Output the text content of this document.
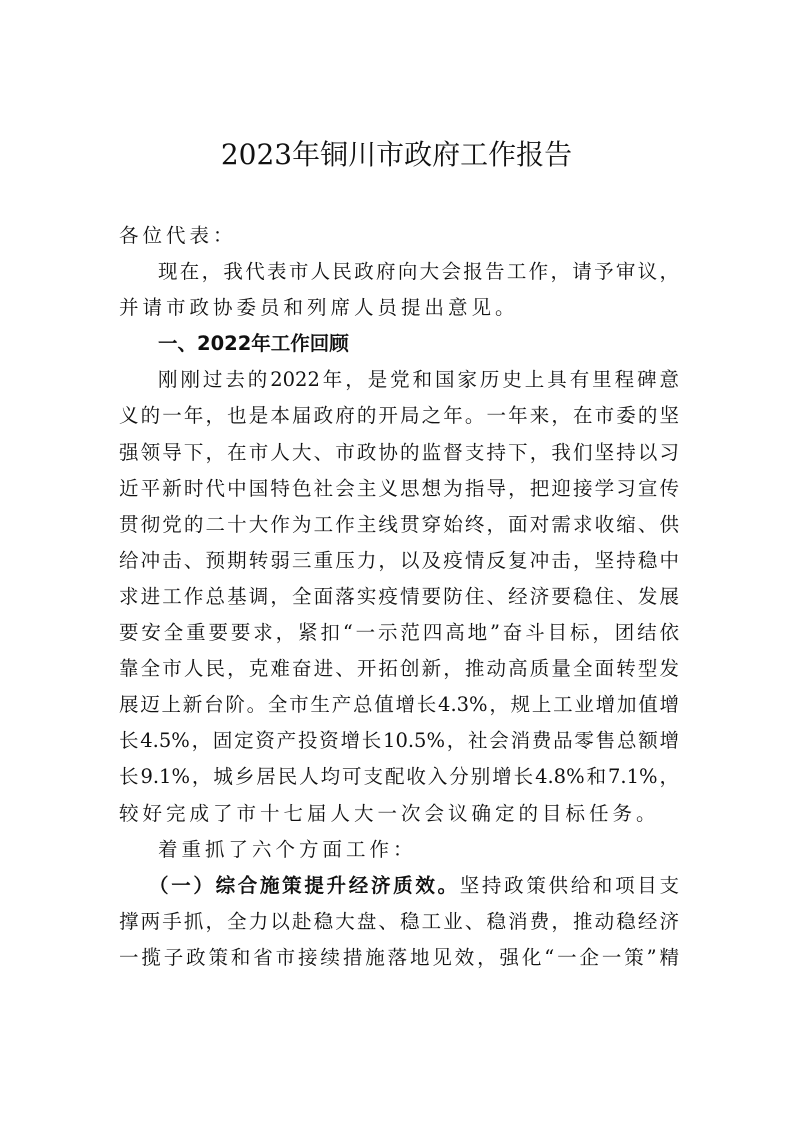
2023年铜川市政府工作报告
各位代表：
现在，我代表市人民政府向大会报告工作，请予审议，
并请市政协委员和列席人员提出意见。
一、2022年工作回顾
刚刚过去的2022年，是党和国家历史上具有里程碑意
义的一年，也是本届政府的开局之年。一年来，在市委的坚
强领导下，在市人大、市政协的监督支持下，我们坚持以习
近平新时代中国特色社会主义思想为指导，把迎接学习宣传
贯彻党的二十大作为工作主线贯穿始终，面对需求收缩、供
给冲击、预期转弱三重压力，以及疫情反复冲击，坚持稳中
求进工作总基调，全面落实疫情要防住、经济要稳住、发展
要安全重要要求，紧扣“一示范四高地”奋斗目标，团结依
靠全市人民，克难奋进、开拓创新，推动高质量全面转型发
展迈上新台阶。全市生产总值增长4.3%，规上工业增加值增
长4.5%，固定资产投资增长10.5%，社会消费品零售总额增
长9.1%，城乡居民人均可支配收入分别增长4.8%和7.1%，
较好完成了市十七届人大一次会议确定的目标任务。
着重抓了六个方面工作：
（一）综合施策提升经济质效。坚持政策供给和项目支
撑两手抓，全力以赴稳大盘、稳工业、稳消费，推动稳经济
一揽子政策和省市接续措施落地见效，强化“一企一策”精
